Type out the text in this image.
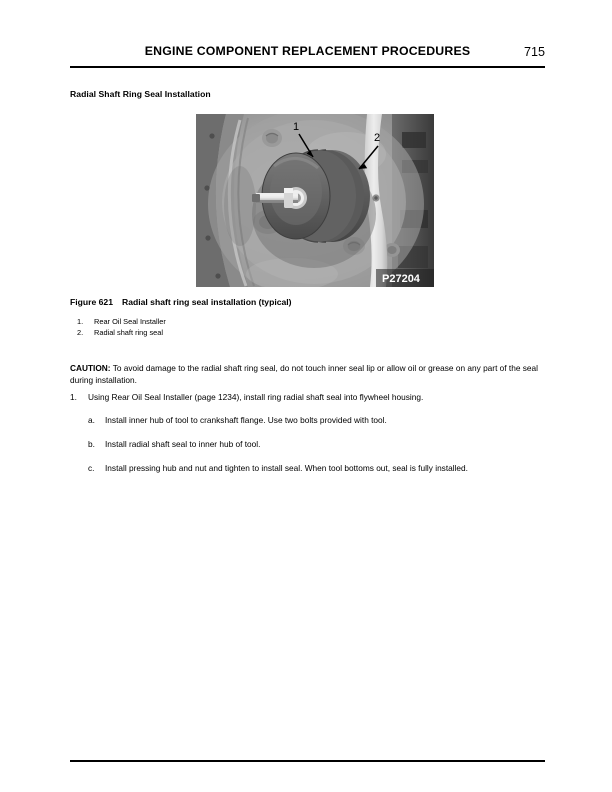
ENGINE COMPONENT REPLACEMENT PROCEDURES	715
Radial Shaft Ring Seal Installation
1
2
P27204
Figure 621 Radial shaft ring seal installation (typical)
1.	Rear Oil Seal Installer
2.	Radial shaft ring seal
CAUTION: To avoid damage to the radial shaft ring seal, do not touch inner seal lip or allow oil or grease on any part of the seal during installation.
1.	Using Rear Oil Seal Installer (page 1234), install ring radial shaft seal into flywheel housing.
a.	Install inner hub of tool to crankshaft flange. Use two bolts provided with tool.
b.	Install radial shaft seal to inner hub of tool.
c.	Install pressing hub and nut and tighten to install seal. When tool bottoms out, seal is fully installed.
